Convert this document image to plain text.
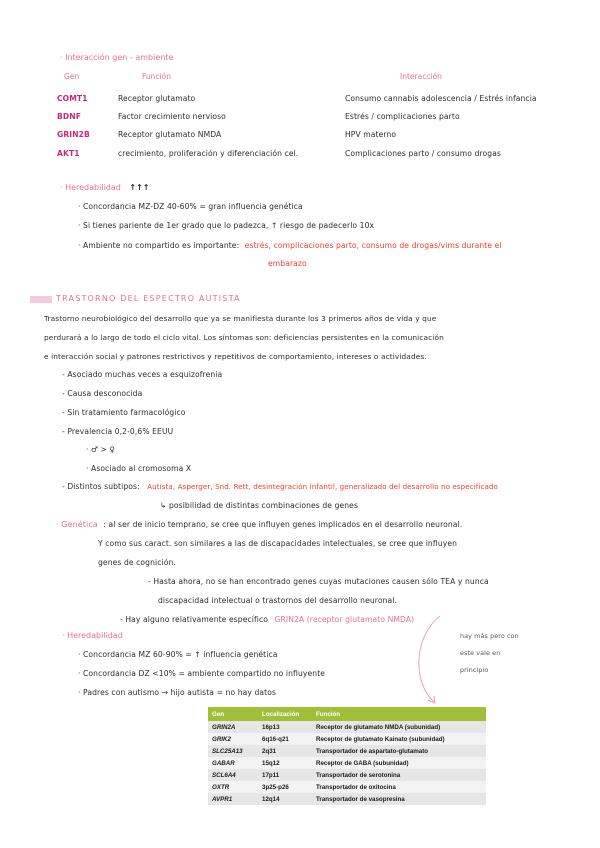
· Interacción gen - ambiente
Gen	Función	Interacción
COMT1	Receptor glutamato	Consumo cannabis adolescencia / Estrés infancia
BDNF	Factor crecimiento nervioso	Estrés / complicaciones parto
GRIN2B	Receptor glutamato NMDA	HPV materno
AKT1	crecimiento, proliferación y diferenciación cel.	Complicaciones parto / consumo drogas
· Heredabilidad ↑↑↑
· Concordancia MZ-DZ 40-60% = gran influencia genética
· Si tienes pariente de 1er grado que lo padezca, ↑ riesgo de padecerlo 10x
· Ambiente no compartido es importante: estrés, complicaciones parto, consumo de drogas/vims durante el
embarazo
TRASTORNO DEL ESPECTRO AUTISTA
Trastorno neurobiológico del desarrollo que ya se manifiesta durante los 3 primeros años de vida y que
perdurará a lo largo de todo el ciclo vital. Los síntomas son: deficiencias persistentes en la comunicación
e interacción social y patrones restrictivos y repetitivos de comportamiento, intereses o actividades.
- Asociado muchas veces a esquizofrenia
- Causa desconocida
- Sin tratamiento farmacológico
- Prevalencia 0,2-0,6% EEUU
· ♂ > ♀
· Asociado al cromosoma X
- Distintos subtipos: Autista, Asperger, Snd. Rett, desintegración infantil, generalizado del desarrollo no especificado
↳ posibilidad de distintas combinaciones de genes
· Genética : al ser de inicio temprano, se cree que influyen genes implicados en el desarrollo neuronal.
Y como sus caract. son similares a las de discapacidades intelectuales, se cree que influyen
genes de cognición.
- Hasta ahora, no se han encontrado genes cuyas mutaciones causen sólo TEA y nunca
discapacidad intelectual o trastornos del desarrollo neuronal.
- Hay alguno relativamente específico GRIN2A (receptor glutamato NMDA)
hay más pero con
este vale en
principio
· Heredabilidad
· Concordancia MZ 60-90% = ↑ influencia genética
· Concordancia DZ <10% = ambiente compartido no influyente
· Padres con autismo → hijo autista = no hay datos
Gen	Localización	Función
GRIN2A	16p13	Receptor de glutamato NMDA (subunidad)
GRIK2	6q16-q21	Receptor de glutamato Kainato (subunidad)
SLC25A13	2q31	Transportador de aspartato-glutamato
GABAR	15q12	Receptor de GABA (subunidad)
SCL6A4	17p11	Transportador de serotonina
OXTR	3p25-p26	Transportador de oxitocina
AVPR1	12q14	Transportador de vasopresina
